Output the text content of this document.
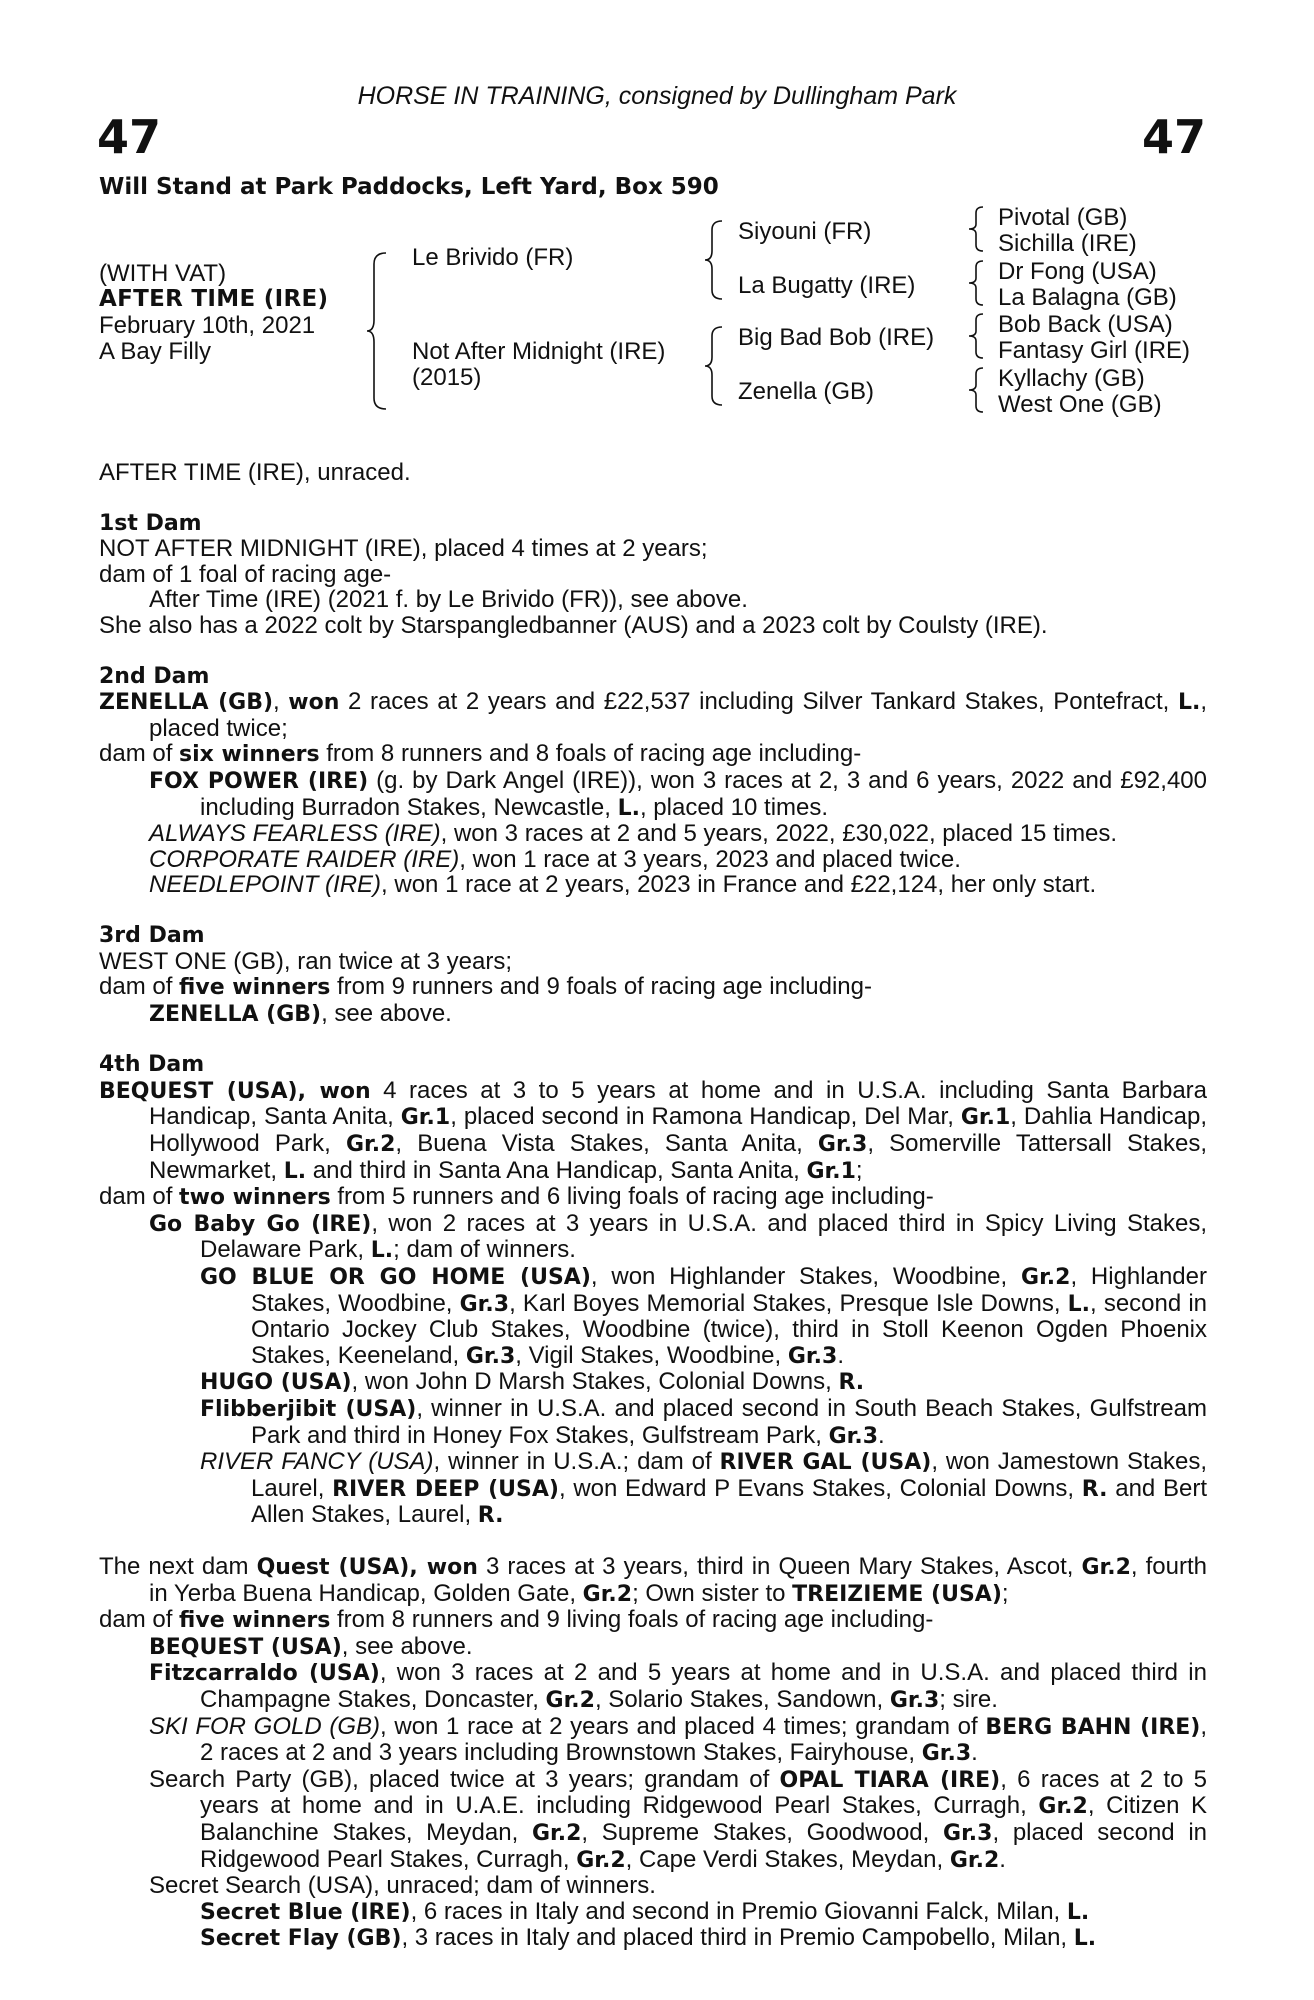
HORSE IN TRAINING, consigned by Dullingham Park
47	47
Will Stand at Park Paddocks, Left Yard, Box 590
(WITH VAT)
AFTER TIME (IRE)
February 10th, 2021
A Bay Filly
Le Brivido (FR)
Not After Midnight (IRE)
(2015)
Siyouni (FR)
La Bugatty (IRE)
Big Bad Bob (IRE)
Zenella (GB)
Pivotal (GB)
Sichilla (IRE)
Dr Fong (USA)
La Balagna (GB)
Bob Back (USA)
Fantasy Girl (IRE)
Kyllachy (GB)
West One (GB)

AFTER TIME (IRE), unraced.

1st Dam

NOT AFTER MIDNIGHT (IRE), placed 4 times at 2 years;

dam of 1 foal of racing age-

After Time (IRE) (2021 f. by Le Brivido (FR)), see above.

She also has a 2022 colt by Starspangledbanner (AUS) and a 2023 colt by Coulsty (IRE).

2nd Dam

ZENELLA (GB), won 2 races at 2 years and £22,537 including Silver Tankard Stakes, Pontefract, L., placed twice;

dam of six winners from 8 runners and 8 foals of racing age including-

FOX POWER (IRE) (g. by Dark Angel (IRE)), won 3 races at 2, 3 and 6 years, 2022 and £92,400 including Burradon Stakes, Newcastle, L., placed 10 times.

ALWAYS FEARLESS (IRE), won 3 races at 2 and 5 years, 2022, £30,022, placed 15 times.

CORPORATE RAIDER (IRE), won 1 race at 3 years, 2023 and placed twice.

NEEDLEPOINT (IRE), won 1 race at 2 years, 2023 in France and £22,124, her only start.

3rd Dam

WEST ONE (GB), ran twice at 3 years;

dam of five winners from 9 runners and 9 foals of racing age including-

ZENELLA (GB), see above.

4th Dam

BEQUEST (USA), won 4 races at 3 to 5 years at home and in U.S.A. including Santa Barbara Handicap, Santa Anita, Gr.1, placed second in Ramona Handicap, Del Mar, Gr.1, Dahlia Handicap, Hollywood Park, Gr.2, Buena Vista Stakes, Santa Anita, Gr.3, Somerville Tattersall Stakes, Newmarket, L. and third in Santa Ana Handicap, Santa Anita, Gr.1;

dam of two winners from 5 runners and 6 living foals of racing age including-

Go Baby Go (IRE), won 2 races at 3 years in U.S.A. and placed third in Spicy Living Stakes, Delaware Park, L.; dam of winners.

GO BLUE OR GO HOME (USA), won Highlander Stakes, Woodbine, Gr.2, Highlander Stakes, Woodbine, Gr.3, Karl Boyes Memorial Stakes, Presque Isle Downs, L., second in Ontario Jockey Club Stakes, Woodbine (twice), third in Stoll Keenon Ogden Phoenix Stakes, Keeneland, Gr.3, Vigil Stakes, Woodbine, Gr.3.

HUGO (USA), won John D Marsh Stakes, Colonial Downs, R.

Flibberjibit (USA), winner in U.S.A. and placed second in South Beach Stakes, Gulfstream Park and third in Honey Fox Stakes, Gulfstream Park, Gr.3.

RIVER FANCY (USA), winner in U.S.A.; dam of RIVER GAL (USA), won Jamestown Stakes, Laurel, RIVER DEEP (USA), won Edward P Evans Stakes, Colonial Downs, R. and Bert Allen Stakes, Laurel, R.

The next dam Quest (USA), won 3 races at 3 years, third in Queen Mary Stakes, Ascot, Gr.2, fourth in Yerba Buena Handicap, Golden Gate, Gr.2; Own sister to TREIZIEME (USA);

dam of five winners from 8 runners and 9 living foals of racing age including-

BEQUEST (USA), see above.

Fitzcarraldo (USA), won 3 races at 2 and 5 years at home and in U.S.A. and placed third in Champagne Stakes, Doncaster, Gr.2, Solario Stakes, Sandown, Gr.3; sire.

SKI FOR GOLD (GB), won 1 race at 2 years and placed 4 times; grandam of BERG BAHN (IRE), 2 races at 2 and 3 years including Brownstown Stakes, Fairyhouse, Gr.3.

Search Party (GB), placed twice at 3 years; grandam of OPAL TIARA (IRE), 6 races at 2 to 5 years at home and in U.A.E. including Ridgewood Pearl Stakes, Curragh, Gr.2, Citizen K Balanchine Stakes, Meydan, Gr.2, Supreme Stakes, Goodwood, Gr.3, placed second in Ridgewood Pearl Stakes, Curragh, Gr.2, Cape Verdi Stakes, Meydan, Gr.2.

Secret Search (USA), unraced; dam of winners.

Secret Blue (IRE), 6 races in Italy and second in Premio Giovanni Falck, Milan, L.

Secret Flay (GB), 3 races in Italy and placed third in Premio Campobello, Milan, L.
